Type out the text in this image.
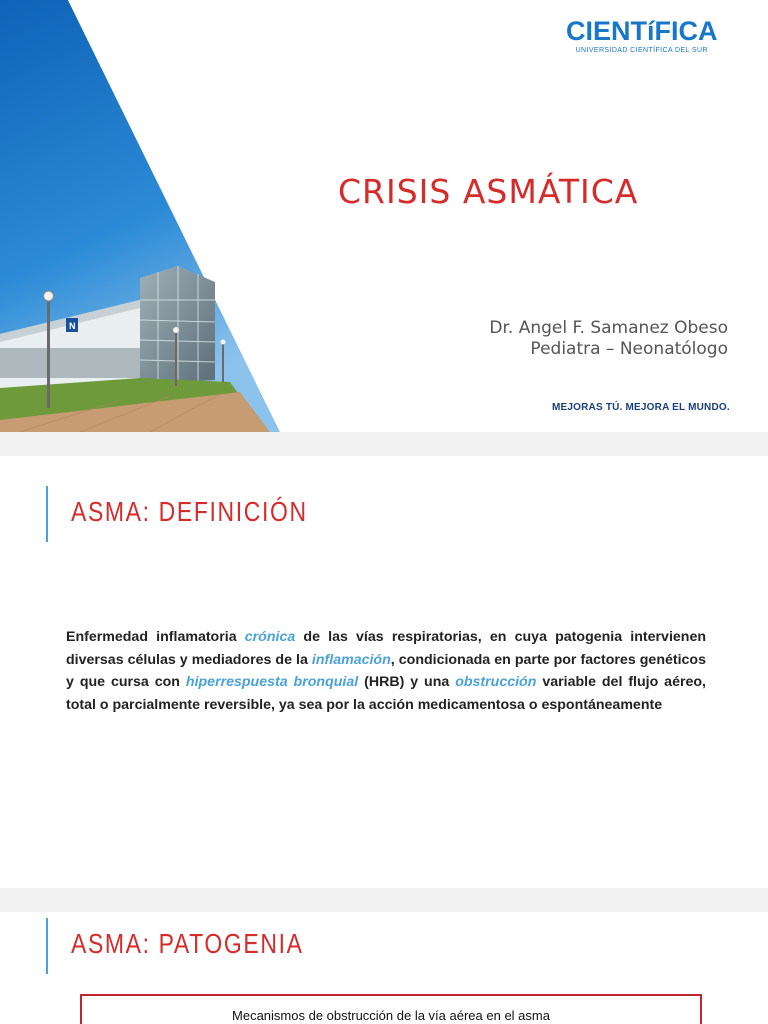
N
CIENTíFICA
UNIVERSIDAD CIENTÍFICA DEL SUR
CRISIS ASMÁTICA
Dr. Angel F. Samanez Obeso
Pediatra – Neonatólogo
MEJORAS TÚ. MEJORA EL MUNDO.
ASMA: DEFINICIÓN
Enfermedad inflamatoria crónica de las vías respiratorias, en cuya patogenia intervienen diversas células y mediadores de la inflamación, condicionada en parte por factores genéticos y que cursa con hiperrespuesta bronquial (HRB) y una obstrucción variable del flujo aéreo, total o parcialmente reversible, ya sea por la acción medicamentosa o espontáneamente
ASMA: PATOGENIA
Mecanismos de obstrucción de la vía aérea en el asma
